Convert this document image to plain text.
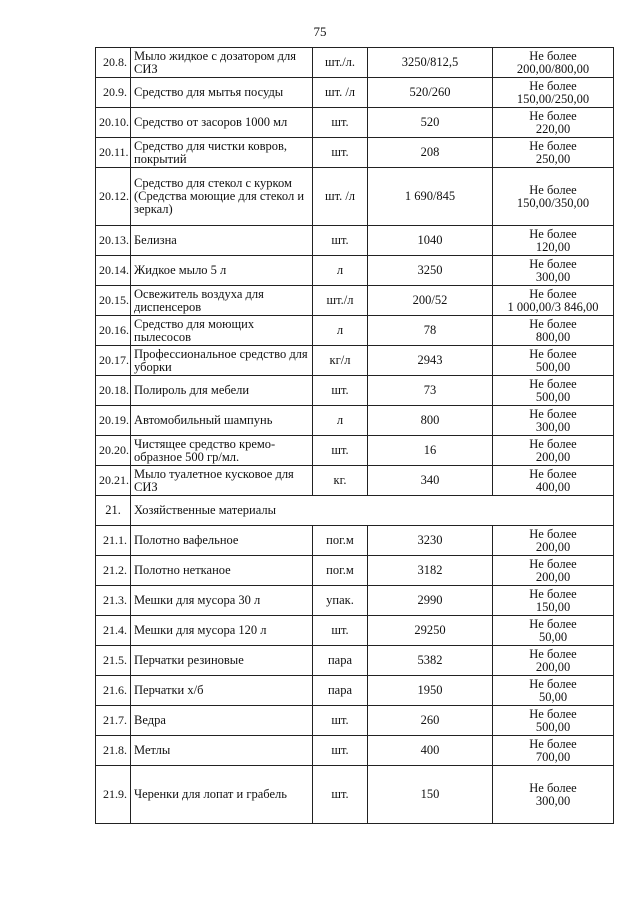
75
20.8.	Мыло жидкое с дозатором для СИЗ	шт./л.	3250/812,5	Не более
200,00/800,00

20.9.	Средство для мытья посуды	шт. /л	520/260	Не более
150,00/250,00

20.10.	Средство от засоров 1000 мл	шт.	520	Не более
220,00

20.11.	Средство для чистки ковров, покрытий	шт.	208	Не более
250,00

20.12.	Средство для стекол с курком (Средства моющие для стекол и зеркал)	шт. /л	1 690/845	Не более
150,00/350,00

20.13.	Белизна	шт.	1040	Не более
120,00

20.14.	Жидкое мыло 5 л	л	3250	Не более
300,00

20.15.	Освежитель воздуха для диспенсеров	шт./л	200/52	Не более
1 000,00/3 846,00

20.16.	Средство для моющих пылесосов	л	78	Не более
800,00

20.17.	Профессиональное средство для уборки	кг/л	2943	Не более
500,00

20.18.	Полироль для мебели	шт.	73	Не более
500,00

20.19.	Автомобильный шампунь	л	800	Не более
300,00

20.20.	Чистящее средство кремо-образное 500 гр/мл.	шт.	16	Не более
200,00

20.21.	Мыло туалетное кусковое для СИЗ	кг.	340	Не более
400,00

21.	Хозяйственные материалы			
21.1.	Полотно вафельное	пог.м	3230	Не более
200,00

21.2.	Полотно нетканое	пог.м	3182	Не более
200,00

21.3.	Мешки для мусора 30 л	упак.	2990	Не более
150,00

21.4.	Мешки для мусора 120 л	шт.	29250	Не более
50,00

21.5.	Перчатки резиновые	пара	5382	Не более
200,00

21.6.	Перчатки х/б	пара	1950	Не более
50,00

21.7.	Ведра	шт.	260	Не более
500,00

21.8.	Метлы	шт.	400	Не более
700,00

21.9.	Черенки для лопат и грабель	шт.	150	Не более
300,00
